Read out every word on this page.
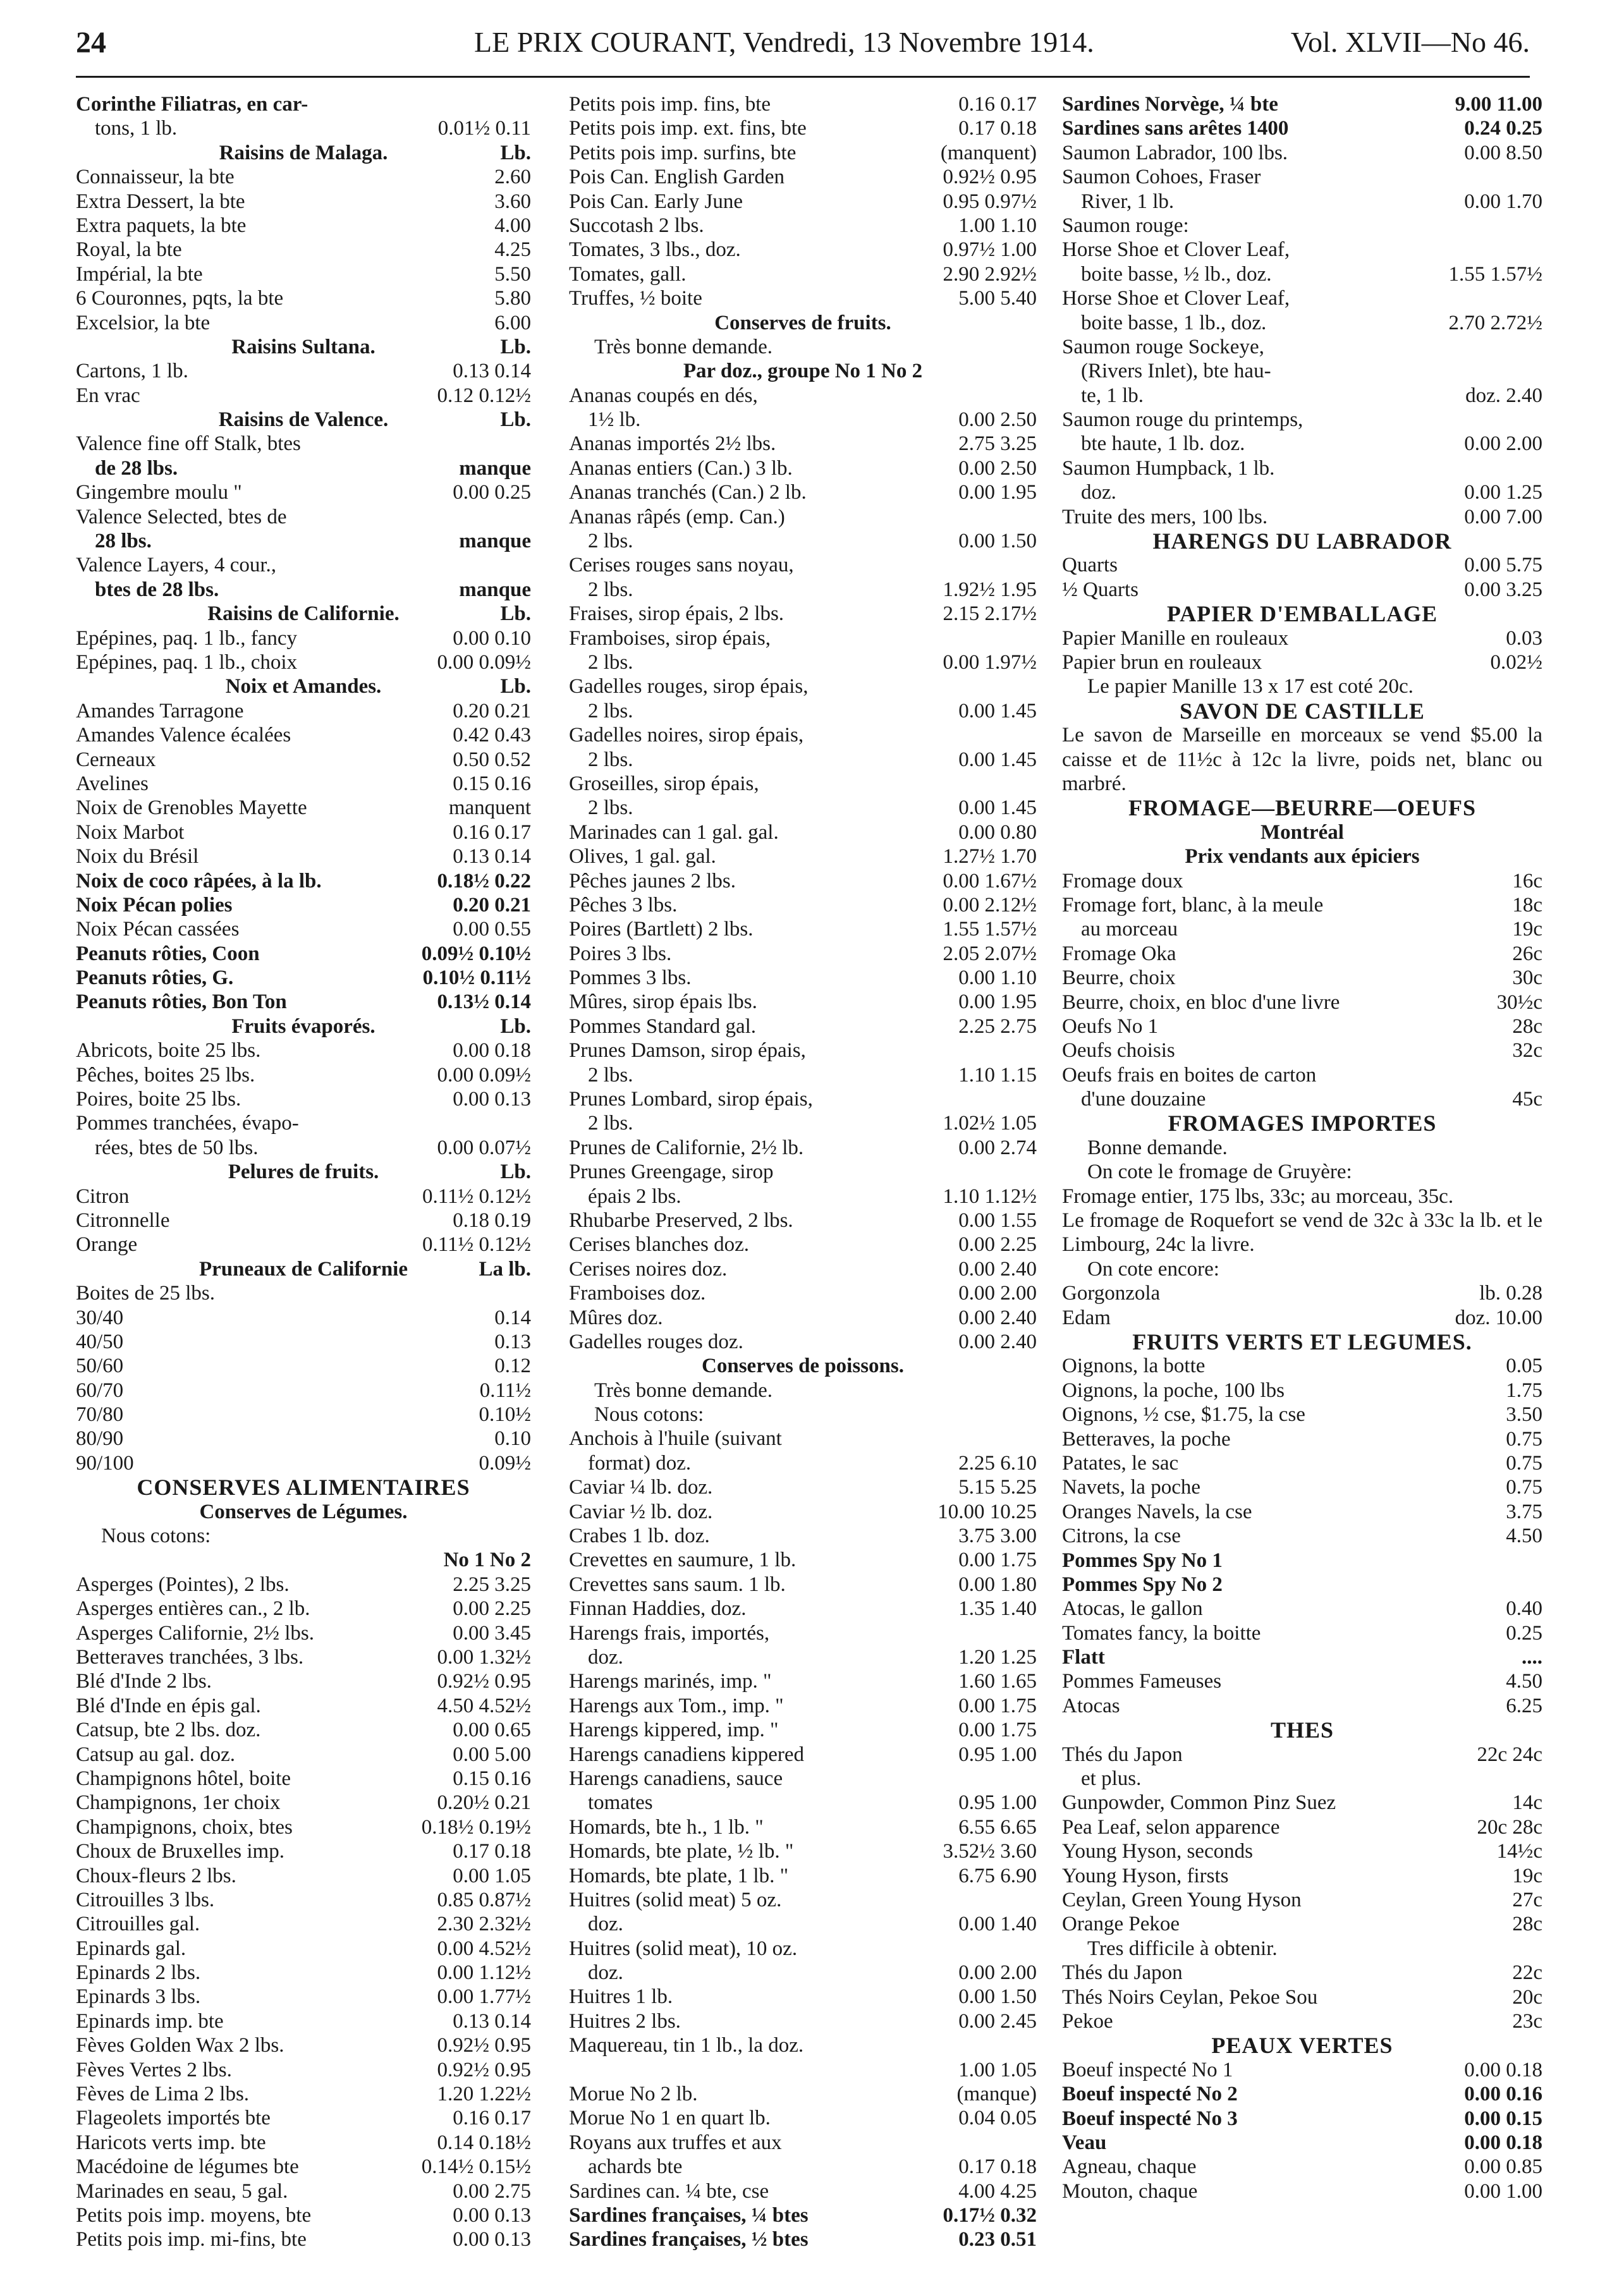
24	LE PRIX COURANT, Vendredi, 13 Novembre 1914.	Vol. XLVII—No 46.
Corinthe Filiatras, en car-
tons, 1 lb.	0.01½ 0.11
Raisins de Malaga.	Lb.
Connaisseur, la bte	2.60
Extra Dessert, la bte	3.60
Extra paquets, la bte	4.00
Royal, la bte	4.25
Impérial, la bte	5.50
6 Couronnes, pqts, la bte	5.80
Excelsior, la bte	6.00
Raisins Sultana.	Lb.
Cartons, 1 lb.	0.13 0.14
En vrac	0.12 0.12½
Raisins de Valence.	Lb.
Valence fine off Stalk, btes
de 28 lbs.	manque
Gingembre moulu "	0.00 0.25
Valence Selected, btes de
28 lbs.	manque
Valence Layers, 4 cour.,
btes de 28 lbs.	manque
Raisins de Californie.	Lb.
Epépines, paq. 1 lb., fancy	0.00 0.10
Epépines, paq. 1 lb., choix	0.00 0.09½
Noix et Amandes.	Lb.
Amandes Tarragone	0.20 0.21
Amandes Valence écalées	0.42 0.43
Cerneaux	0.50 0.52
Avelines	0.15 0.16
Noix de Grenobles Mayette	manquent
Noix Marbot	0.16 0.17
Noix du Brésil	0.13 0.14
Noix de coco râpées, à la lb.	0.18½ 0.22
Noix Pécan polies	0.20 0.21
Noix Pécan cassées	0.00 0.55
Peanuts rôties, Coon	0.09½ 0.10½
Peanuts rôties, G.	0.10½ 0.11½
Peanuts rôties, Bon Ton	0.13½ 0.14
Fruits évaporés.	Lb.
Abricots, boite 25 lbs.	0.00 0.18
Pêches, boites 25 lbs.	0.00 0.09½
Poires, boite 25 lbs.	0.00 0.13
Pommes tranchées, évapo-
rées, btes de 50 lbs.	0.00 0.07½
Pelures de fruits.	Lb.
Citron	0.11½ 0.12½
Citronnelle	0.18 0.19
Orange	0.11½ 0.12½
Pruneaux de Californie	La lb.
Boites de 25 lbs.
30/40	0.14
40/50	0.13
50/60	0.12
60/70	0.11½
70/80	0.10½
80/90	0.10
90/100	0.09½
CONSERVES ALIMENTAIRES
Conserves de Légumes.
Nous cotons:
No 1 No 2
Asperges (Pointes), 2 lbs.	2.25 3.25
Asperges entières can., 2 lb.	0.00 2.25
Asperges Californie, 2½ lbs.	0.00 3.45
Betteraves tranchées, 3 lbs.	0.00 1.32½
Blé d'Inde 2 lbs.	0.92½ 0.95
Blé d'Inde en épis gal.	4.50 4.52½
Catsup, bte 2 lbs. doz.	0.00 0.65
Catsup au gal. doz.	0.00 5.00
Champignons hôtel, boite	0.15 0.16
Champignons, 1er choix	0.20½ 0.21
Champignons, choix, btes	0.18½ 0.19½
Choux de Bruxelles imp.	0.17 0.18
Choux-fleurs 2 lbs.	0.00 1.05
Citrouilles 3 lbs.	0.85 0.87½
Citrouilles gal.	2.30 2.32½
Epinards gal.	0.00 4.52½
Epinards 2 lbs.	0.00 1.12½
Epinards 3 lbs.	0.00 1.77½
Epinards imp. bte	0.13 0.14
Fèves Golden Wax 2 lbs.	0.92½ 0.95
Fèves Vertes 2 lbs.	0.92½ 0.95
Fèves de Lima 2 lbs.	1.20 1.22½
Flageolets importés bte	0.16 0.17
Haricots verts imp. bte	0.14 0.18½
Macédoine de légumes bte	0.14½ 0.15½
Marinades en seau, 5 gal.	0.00 2.75
Petits pois imp. moyens, bte	0.00 0.13
Petits pois imp. mi-fins, bte	0.00 0.13
Petits pois imp. fins, bte	0.16 0.17
Petits pois imp. ext. fins, bte	0.17 0.18
Petits pois imp. surfins, bte	(manquent)
Pois Can. English Garden	0.92½ 0.95
Pois Can. Early June	0.95 0.97½
Succotash 2 lbs.	1.00 1.10
Tomates, 3 lbs., doz.	0.97½ 1.00
Tomates, gall.	2.90 2.92½
Truffes, ½ boite	5.00 5.40
Conserves de fruits.
Très bonne demande.
Par doz., groupe No 1 No 2
Ananas coupés en dés,
1½ lb.	0.00 2.50
Ananas importés 2½ lbs.	2.75 3.25
Ananas entiers (Can.) 3 lb.	0.00 2.50
Ananas tranchés (Can.) 2 lb.	0.00 1.95
Ananas râpés (emp. Can.)
2 lbs.	0.00 1.50
Cerises rouges sans noyau,
2 lbs.	1.92½ 1.95
Fraises, sirop épais, 2 lbs.	2.15 2.17½
Framboises, sirop épais,
2 lbs.	0.00 1.97½
Gadelles rouges, sirop épais,
2 lbs.	0.00 1.45
Gadelles noires, sirop épais,
2 lbs.	0.00 1.45
Groseilles, sirop épais,
2 lbs.	0.00 1.45
Marinades can 1 gal. gal.	0.00 0.80
Olives, 1 gal. gal.	1.27½ 1.70
Pêches jaunes 2 lbs.	0.00 1.67½
Pêches 3 lbs.	0.00 2.12½
Poires (Bartlett) 2 lbs.	1.55 1.57½
Poires 3 lbs.	2.05 2.07½
Pommes 3 lbs.	0.00 1.10
Mûres, sirop épais lbs.	0.00 1.95
Pommes Standard gal.	2.25 2.75
Prunes Damson, sirop épais,
2 lbs.	1.10 1.15
Prunes Lombard, sirop épais,
2 lbs.	1.02½ 1.05
Prunes de Californie, 2½ lb.	0.00 2.74
Prunes Greengage, sirop
épais 2 lbs.	1.10 1.12½
Rhubarbe Preserved, 2 lbs.	0.00 1.55
Cerises blanches doz.	0.00 2.25
Cerises noires doz.	0.00 2.40
Framboises doz.	0.00 2.00
Mûres doz.	0.00 2.40
Gadelles rouges doz.	0.00 2.40
Conserves de poissons.
Très bonne demande.
Nous cotons:
Anchois à l'huile (suivant
format) doz.	2.25 6.10
Caviar ¼ lb. doz.	5.15 5.25
Caviar ½ lb. doz.	10.00 10.25
Crabes 1 lb. doz.	3.75 3.00
Crevettes en saumure, 1 lb.	0.00 1.75
Crevettes sans saum. 1 lb.	0.00 1.80
Finnan Haddies, doz.	1.35 1.40
Harengs frais, importés,
doz.	1.20 1.25
Harengs marinés, imp. "	1.60 1.65
Harengs aux Tom., imp. "	0.00 1.75
Harengs kippered, imp. "	0.00 1.75
Harengs canadiens kippered	0.95 1.00
Harengs canadiens, sauce
tomates	0.95 1.00
Homards, bte h., 1 lb. "	6.55 6.65
Homards, bte plate, ½ lb. "	3.52½ 3.60
Homards, bte plate, 1 lb. "	6.75 6.90
Huitres (solid meat) 5 oz.
doz.	0.00 1.40
Huitres (solid meat), 10 oz.
doz.	0.00 2.00
Huitres 1 lb.	0.00 1.50
Huitres 2 lbs.	0.00 2.45
Maquereau, tin 1 lb., la doz.
1.00 1.05
Morue No 2 lb.	(manque)
Morue No 1 en quart lb.	0.04 0.05
Royans aux truffes et aux
achards bte	0.17 0.18
Sardines can. ¼ bte, cse	4.00 4.25
Sardines françaises, ¼ btes	0.17½ 0.32
Sardines françaises, ½ btes	0.23 0.51
Sardines Norvège, ¼ bte	9.00 11.00
Sardines sans arêtes 1400	0.24 0.25
Saumon Labrador, 100 lbs.	0.00 8.50
Saumon Cohoes, Fraser
River, 1 lb.	0.00 1.70
Saumon rouge:
Horse Shoe et Clover Leaf,
boite basse, ½ lb., doz.	1.55 1.57½
Horse Shoe et Clover Leaf,
boite basse, 1 lb., doz.	2.70 2.72½
Saumon rouge Sockeye,
(Rivers Inlet), bte hau-
te, 1 lb.	doz. 2.40
Saumon rouge du printemps,
bte haute, 1 lb. doz.	0.00 2.00
Saumon Humpback, 1 lb.
doz.	0.00 1.25
Truite des mers, 100 lbs.	0.00 7.00
HARENGS DU LABRADOR
Quarts	0.00 5.75
½ Quarts	0.00 3.25
PAPIER D'EMBALLAGE
Papier Manille en rouleaux	0.03
Papier brun en rouleaux	0.02½
Le papier Manille 13 x 17 est coté 20c.
SAVON DE CASTILLE
Le savon de Marseille en morceaux se vend $5.00 la caisse et de 11½c à 12c la livre, poids net, blanc ou marbré.
FROMAGE—BEURRE—OEUFS
Montréal
Prix vendants aux épiciers
Fromage doux	16c
Fromage fort, blanc, à la meule	18c
au morceau	19c
Fromage Oka	26c
Beurre, choix	30c
Beurre, choix, en bloc d'une livre	30½c
Oeufs No 1	28c
Oeufs choisis	32c
Oeufs frais en boites de carton
d'une douzaine	45c
FROMAGES IMPORTES
Bonne demande.
On cote le fromage de Gruyère:
Fromage entier, 175 lbs, 33c; au morceau, 35c.
Le fromage de Roquefort se vend de 32c à 33c la lb. et le Limbourg, 24c la livre.
On cote encore:
Gorgonzola	lb. 0.28
Edam	doz. 10.00
FRUITS VERTS ET LEGUMES.
Oignons, la botte	0.05
Oignons, la poche, 100 lbs	1.75
Oignons, ½ cse, $1.75, la cse	3.50
Betteraves, la poche	0.75
Patates, le sac	0.75
Navets, la poche	0.75
Oranges Navels, la cse	3.75
Citrons, la cse	4.50
Pommes Spy No 1
Pommes Spy No 2
Atocas, le gallon	0.40
Tomates fancy, la boitte	0.25
Flatt	....
Pommes Fameuses	4.50
Atocas	6.25
THES
Thés du Japon	22c 24c
et plus.
Gunpowder, Common Pinz Suez	14c
Pea Leaf, selon apparence	20c 28c
Young Hyson, seconds	14½c
Young Hyson, firsts	19c
Ceylan, Green Young Hyson	27c
Orange Pekoe	28c
Tres difficile à obtenir.
Thés du Japon	22c
Thés Noirs Ceylan, Pekoe Sou	20c
Pekoe	23c
PEAUX VERTES
Boeuf inspecté No 1	0.00 0.18
Boeuf inspecté No 2	0.00 0.16
Boeuf inspecté No 3	0.00 0.15
Veau	0.00 0.18
Agneau, chaque	0.00 0.85
Mouton, chaque	0.00 1.00
